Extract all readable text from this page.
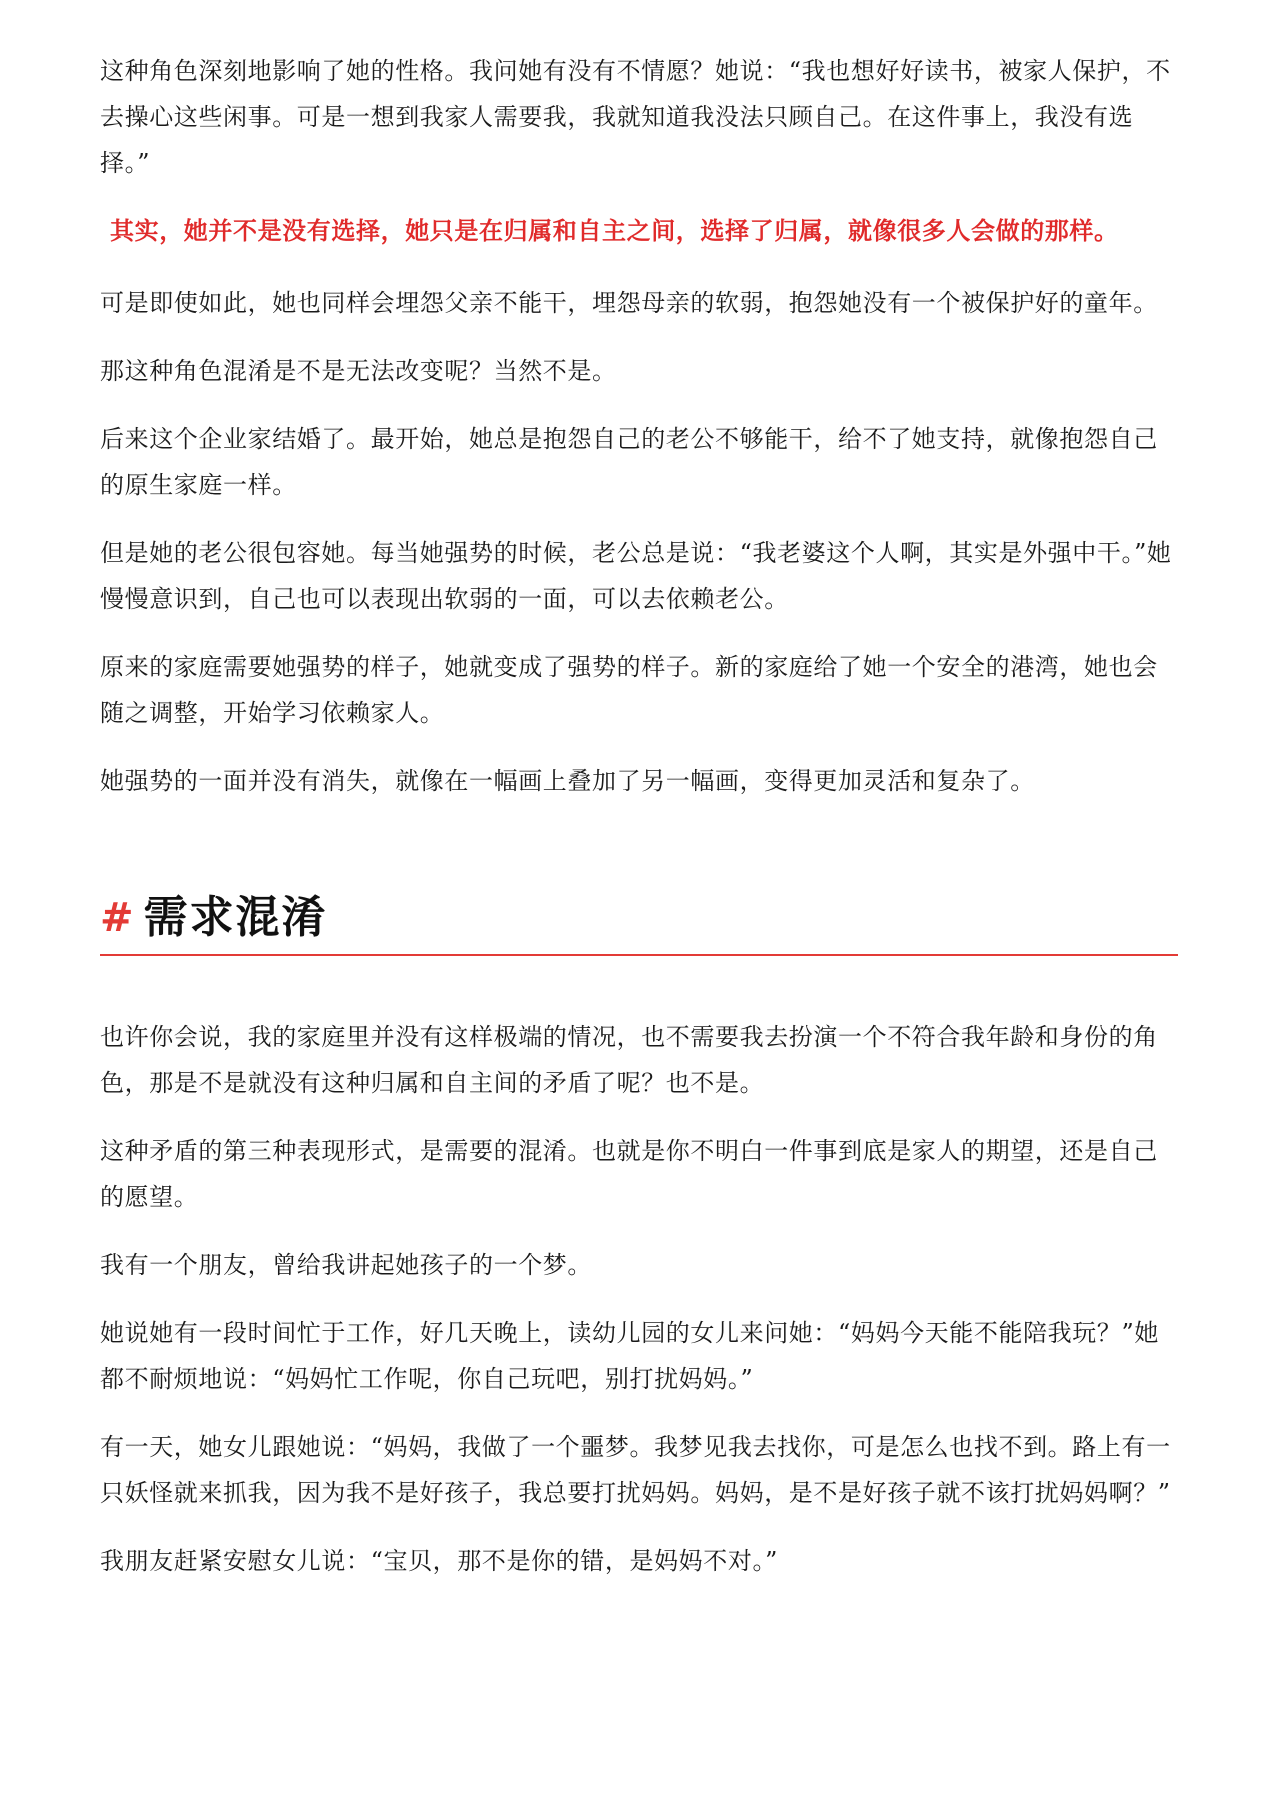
这种角色深刻地影响了她的性格。我问她有没有不情愿？她说：“我也想好好读书，被家人保护，不去操心这些闲事。可是一想到我家人需要我，我就知道我没法只顾自己。在这件事上，我没有选择。”

其实，她并不是没有选择，她只是在归属和自主之间，选择了归属，就像很多人会做的那样。

可是即使如此，她也同样会埋怨父亲不能干，埋怨母亲的软弱，抱怨她没有一个被保护好的童年。

那这种角色混淆是不是无法改变呢？当然不是。

后来这个企业家结婚了。最开始，她总是抱怨自己的老公不够能干，给不了她支持，就像抱怨自己的原生家庭一样。

但是她的老公很包容她。每当她强势的时候，老公总是说：“我老婆这个人啊，其实是外强中干。”她慢慢意识到，自己也可以表现出软弱的一面，可以去依赖老公。

原来的家庭需要她强势的样子，她就变成了强势的样子。新的家庭给了她一个安全的港湾，她也会随之调整，开始学习依赖家人。

她强势的一面并没有消失，就像在一幅画上叠加了另一幅画，变得更加灵活和复杂了。

# 需求混淆

也许你会说，我的家庭里并没有这样极端的情况，也不需要我去扮演一个不符合我年龄和身份的角色，那是不是就没有这种归属和自主间的矛盾了呢？也不是。

这种矛盾的第三种表现形式，是需要的混淆。也就是你不明白一件事到底是家人的期望，还是自己的愿望。

我有一个朋友，曾给我讲起她孩子的一个梦。

她说她有一段时间忙于工作，好几天晚上，读幼儿园的女儿来问她：“妈妈今天能不能陪我玩？”她都不耐烦地说：“妈妈忙工作呢，你自己玩吧，别打扰妈妈。”

有一天，她女儿跟她说：“妈妈，我做了一个噩梦。我梦见我去找你，可是怎么也找不到。路上有一只妖怪就来抓我，因为我不是好孩子，我总要打扰妈妈。妈妈，是不是好孩子就不该打扰妈妈啊？”

我朋友赶紧安慰女儿说：“宝贝，那不是你的错，是妈妈不对。”
